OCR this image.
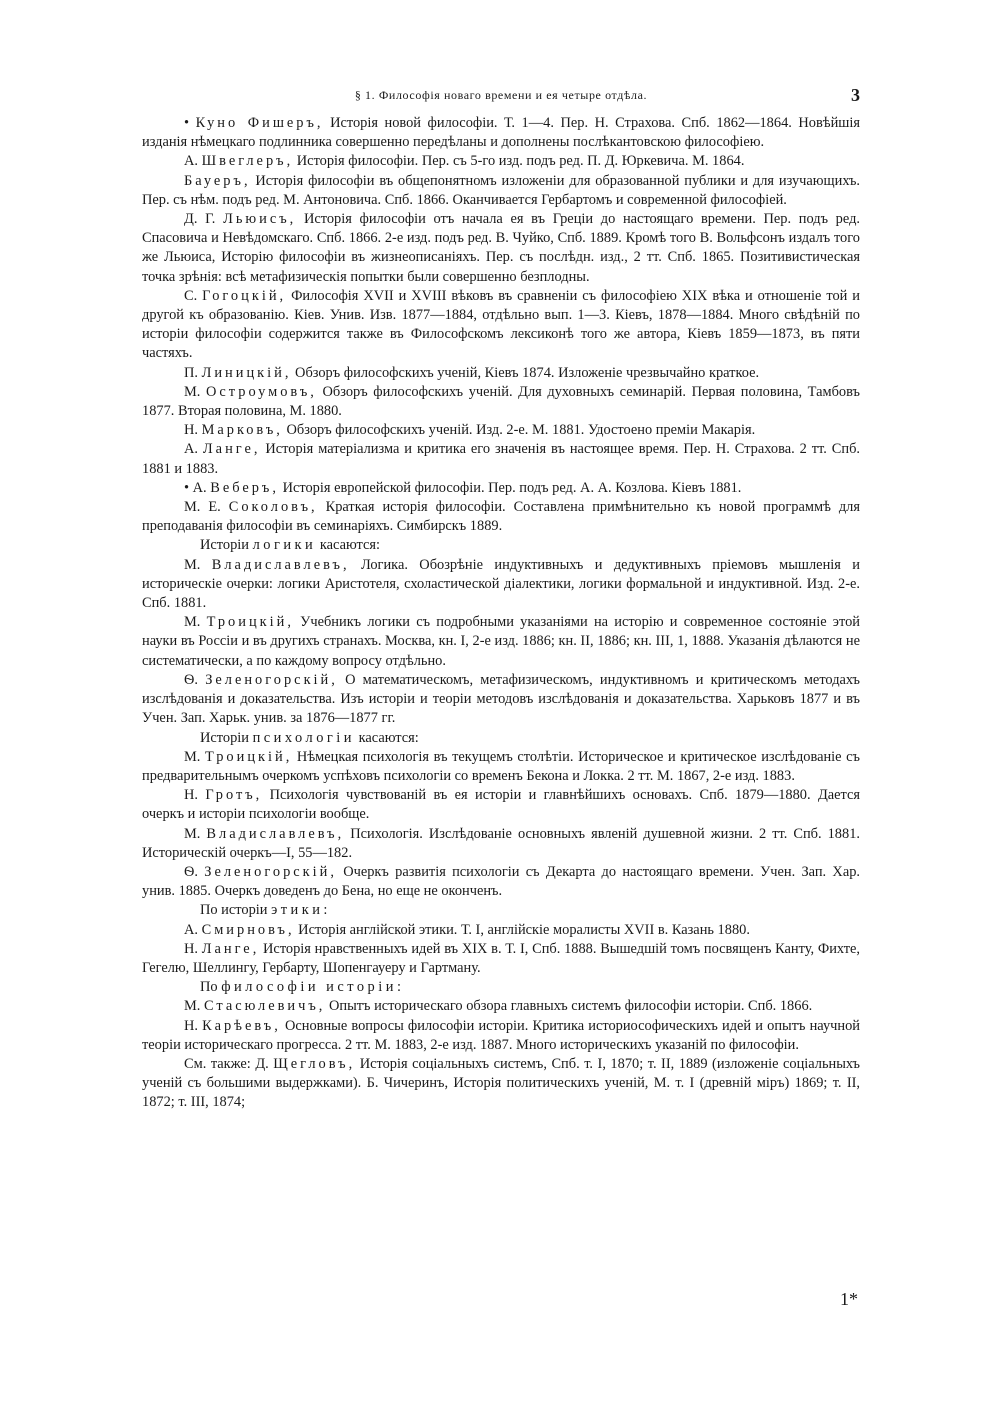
§ 1. Философія новаго времени и ея четыре отдѣла.	3

• Куно Фишеръ, Исторія новой философіи. Т. 1—4. Пер. Н. Страхова. Спб. 1862—1864. Новѣйшія изданія нѣмецкаго подлинника совершенно передѣланы и дополнены послѣкантовскою философіею.

А. Швеглеръ, Исторія философіи. Пер. съ 5-го изд. подъ ред. П. Д. Юркевича. М. 1864.

Бауеръ, Исторія философіи въ общепонятномъ изложеніи для образованной публики и для изучающихъ. Пер. съ нѣм. подъ ред. М. Антоновича. Спб. 1866. Оканчивается Гербартомъ и современной философіей.

Д. Г. Льюисъ, Исторія философіи отъ начала ея въ Греціи до настоящаго времени. Пер. подъ ред. Спасовича и Невѣдомскаго. Спб. 1866. 2-е изд. подъ ред. В. Чуйко, Спб. 1889. Кромѣ того В. Вольфсонъ издалъ того же Льюиса, Исторію философіи въ жизнеописаніяхъ. Пер. съ послѣдн. изд., 2 тт. Спб. 1865. Позитивистическая точка зрѣнія: всѣ метафизическія попытки были совершенно безплодны.

С. Гогоцкій, Философія XVII и XVIII вѣковъ въ сравненіи съ философіею XIX вѣка и отношеніе той и другой къ образованію. Кіев. Унив. Изв. 1877—1884, отдѣльно вып. 1—3. Кіевъ, 1878—1884. Много свѣдѣній по исторіи философіи содержится также въ Философскомъ лексиконѣ того же автора, Кіевъ 1859—1873, въ пяти частяхъ.

П. Линицкій, Обзоръ философскихъ ученій, Кіевъ 1874. Изложеніе чрезвычайно краткое.

М. Остроумовъ, Обзоръ философскихъ ученій. Для духовныхъ семинарій. Первая половина, Тамбовъ 1877. Вторая половина, М. 1880.

Н. Марковъ, Обзоръ философскихъ ученій. Изд. 2-е. М. 1881. Удостоено преміи Макарія.

А. Ланге, Исторія матеріализма и критика его значенія въ настоящее время. Пер. Н. Страхова. 2 тт. Спб. 1881 и 1883.

• А. Веберъ, Исторія европейской философіи. Пер. подъ ред. А. А. Козлова. Кіевъ 1881.

М. Е. Соколовъ, Краткая исторія философіи. Составлена примѣнительно къ новой программѣ для преподаванія философіи въ семинаріяхъ. Симбирскъ 1889.

Исторіи логики касаются:

М. Владиславлевъ, Логика. Обозрѣніе индуктивныхъ и дедуктивныхъ пріемовъ мышленія и историческіе очерки: логики Аристотеля, схоластической діалектики, логики формальной и индуктивной. Изд. 2-е. Спб. 1881.

М. Троицкій, Учебникъ логики съ подробными указаніями на исторію и современное состояніе этой науки въ Россіи и въ другихъ странахъ. Москва, кн. I, 2-е изд. 1886; кн. II, 1886; кн. III, 1, 1888. Указанія дѣлаются не систематически, а по каждому вопросу отдѣльно.

Ѳ. Зеленогорскій, О математическомъ, метафизическомъ, индуктивномъ и критическомъ методахъ изслѣдованія и доказательства. Изъ исторіи и теоріи методовъ изслѣдованія и доказательства. Харьковъ 1877 и въ Учен. Зап. Харьк. унив. за 1876—1877 гг.

Исторіи психологіи касаются:

М. Троицкій, Нѣмецкая психологія въ текущемъ столѣтіи. Историческое и критическое изслѣдованіе съ предварительнымъ очеркомъ успѣховъ психологіи со временъ Бекона и Локка. 2 тт. М. 1867, 2-е изд. 1883.

Н. Гротъ, Психологія чувствованій въ ея исторіи и главнѣйшихъ основахъ. Спб. 1879—1880. Дается очеркъ и исторіи психологіи вообще.

М. Владиславлевъ, Психологія. Изслѣдованіе основныхъ явленій душевной жизни. 2 тт. Спб. 1881. Историческій очеркъ—I, 55—182.

Ѳ. Зеленогорскій, Очеркъ развитія психологіи съ Декарта до настоящаго времени. Учен. Зап. Хар. унив. 1885. Очеркъ доведенъ до Бена, но еще не оконченъ.

По исторіи этики:

А. Смирновъ, Исторія англійской этики. Т. I, англійскіе моралисты XVII в. Казань 1880.

Н. Ланге, Исторія нравственныхъ идей въ XIX в. Т. I, Спб. 1888. Вышедшій томъ посвященъ Канту, Фихте, Гегелю, Шеллингу, Гербарту, Шопенгауеру и Гартману.

По философіи исторіи:

М. Стасюлевичъ, Опытъ историческаго обзора главныхъ системъ философіи исторіи. Спб. 1866.

Н. Карѣевъ, Основные вопросы философіи исторіи. Критика историософическихъ идей и опытъ научной теоріи историческаго прогресса. 2 тт. М. 1883, 2-е изд. 1887. Много историческихъ указаній по философіи.

См. также: Д. Щегловъ, Исторія соціальныхъ системъ, Спб. т. I, 1870; т. II, 1889 (изложеніе соціальныхъ ученій съ большими выдержками). Б. Чичеринъ, Исторія политическихъ ученій, М. т. I (древній міръ) 1869; т. II, 1872; т. III, 1874;

1*
